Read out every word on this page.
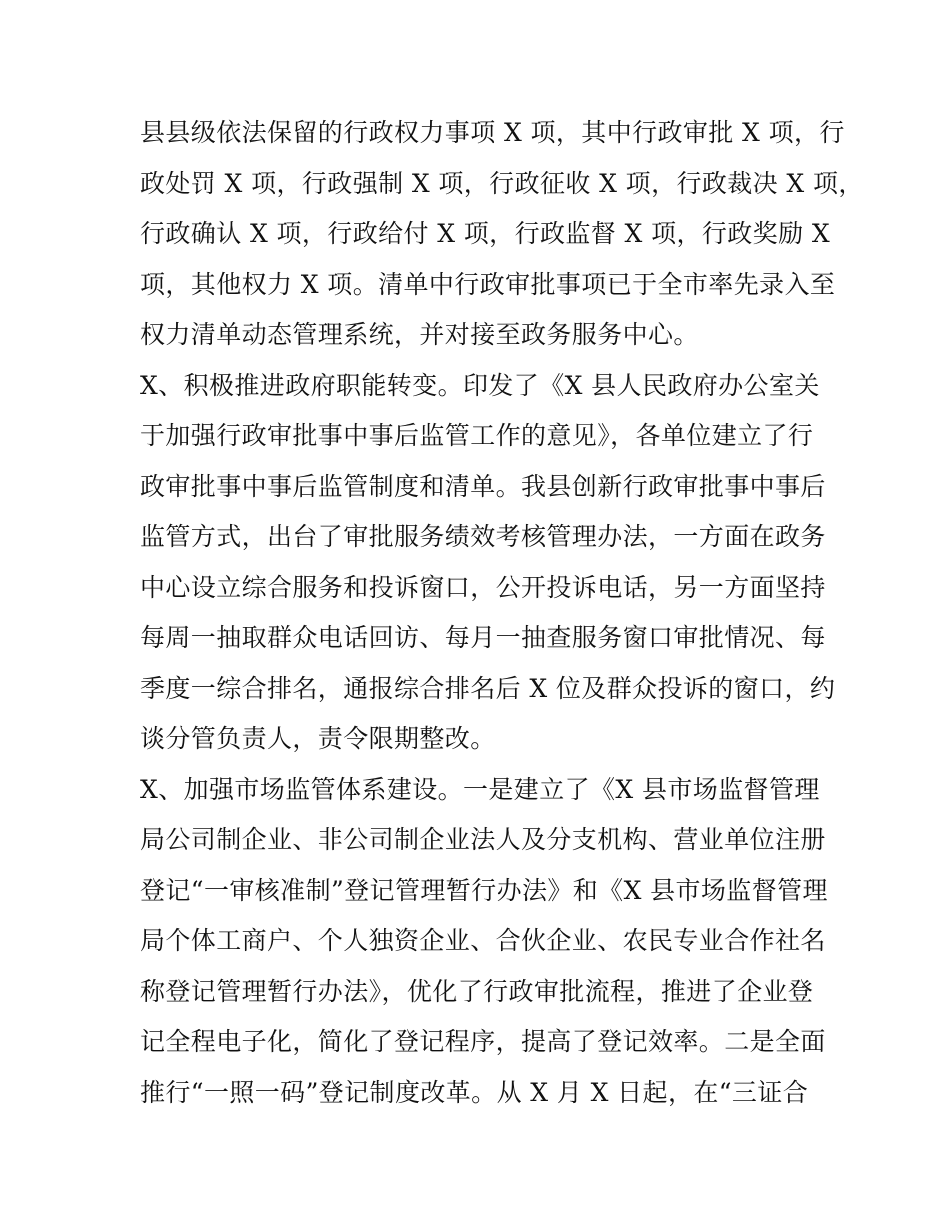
县县级依法保留的行政权力事项 X 项，其中行政审批 X 项，行
政处罚 X 项，行政强制 X 项，行政征收 X 项，行政裁决 X 项，
行政确认 X 项，行政给付 X 项，行政监督 X 项，行政奖励 X
项，其他权力 X 项。清单中行政审批事项已于全市率先录入至
权力清单动态管理系统，并对接至政务服务中心。

X、积极推进政府职能转变。印发了《X 县人民政府办公室关
于加强行政审批事中事后监管工作的意见》，各单位建立了行
政审批事中事后监管制度和清单。我县创新行政审批事中事后
监管方式，出台了审批服务绩效考核管理办法，一方面在政务
中心设立综合服务和投诉窗口，公开投诉电话，另一方面坚持
每周一抽取群众电话回访、每月一抽查服务窗口审批情况、每
季度一综合排名，通报综合排名后 X 位及群众投诉的窗口，约
谈分管负责人，责令限期整改。

X、加强市场监管体系建设。一是建立了《X 县市场监督管理
局公司制企业、非公司制企业法人及分支机构、营业单位注册
登记“一审核准制”登记管理暂行办法》和《X 县市场监督管理
局个体工商户、个人独资企业、合伙企业、农民专业合作社名
称登记管理暂行办法》，优化了行政审批流程，推进了企业登
记全程电子化，简化了登记程序，提高了登记效率。二是全面
推行“一照一码”登记制度改革。从 X 月 X 日起，在“三证合
